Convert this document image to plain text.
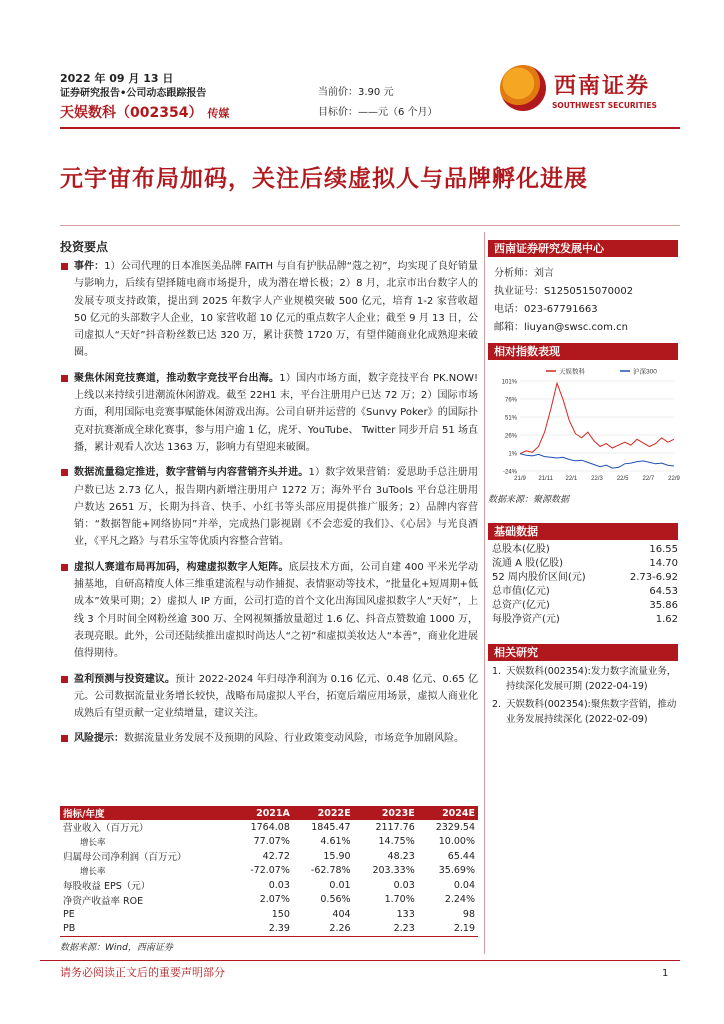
2022 年 09 月 13 日
证券研究报告•公司动态跟踪报告
天娱数科（002354） 传媒
当前价：3.90 元
目标价：——元（6 个月）
西南证券
SOUTHWEST SECURITIES
元宇宙布局加码，关注后续虚拟人与品牌孵化进展
投资要点
事件：1）公司代理的日本准医美品牌 FAITH 与自有护肤品牌“蔻之初”，均实现了良好销量与影响力，后续有望择随电商市场提升，成为潜在增长极；2）8 月，北京市出台数字人的发展专项支持政策，提出到 2025 年数字人产业规模突破 500 亿元，培育 1-2 家营收超 50 亿元的头部数字人企业，10 家营收超 10 亿元的重点数字人企业；截至 9 月 13 日，公司虚拟人“天好”抖音粉丝数已达 320 万，累计获赞 1720 万，有望伴随商业化成熟迎来破圈。
聚焦休闲竞技赛道，推动数字竞技平台出海。1）国内市场方面，数字竞技平台 PK.NOW! 上线以来持续引进潮流休闲游戏。截至 22H1 末，平台注册用户已达 72 万；2）国际市场方面，利用国际电竞赛事赋能休闲游戏出海。公司自研并运营的《Sunvy Poker》的国际扑克对抗赛渐成全球化赛事，参与用户逾 1 亿，虎牙、YouTube、 Twitter 同步开启 51 场直播，累计观看人次达 1363 万，影响力有望迎来破圈。
数据流量稳定推进，数字营销与内容营销齐头并进。1）数字效果营销：爱思助手总注册用户数已达 2.73 亿人，报告期内新增注册用户 1272 万；海外平台 3uTools 平台总注册用户数达 2651 万，长期为抖音、快手、小红书等头部应用提供推广服务；2）品牌内容营销：“数据智能+网络协同”并举，完成热门影视剧《不会恋爱的我们》、《心居》与光良酒业，《平凡之路》与君乐宝等优质内容整合营销。
虚拟人赛道布局再加码，构建虚拟数字人矩阵。底层技术方面，公司自建 400 平米光学动捕基地，自研高精度人体三维重建流程与动作捕捉、表情驱动等技术，“批量化+短周期+低成本”效果可期；2）虚拟人 IP 方面，公司打造的首个文化出海国风虚拟数字人“天好”，上线 3 个月时间全网粉丝逾 300 万、全网视频播放量超过 1.6 亿、抖音点赞数逾 1000 万，表现亮眼。此外，公司还陆续推出虚拟时尚达人“之初”和虚拟美妆达人“本善”，商业化进展值得期待。
盈利预测与投资建议。预计 2022-2024 年归母净利润为 0.16 亿元、0.48 亿元、0.65 亿元。公司数据流量业务增长较快，战略布局虚拟人平台，拓宽后端应用场景，虚拟人商业化成熟后有望贡献一定业绩增量，建议关注。
风险提示：数据流量业务发展不及预期的风险、行业政策变动风险，市场竞争加剧风险。
指标/年度	2021A	2022E	2023E	2024E
营业收入（百万元）	1764.08	1845.47	2117.76	2329.54
增长率	77.07%	4.61%	14.75%	10.00%
归属母公司净利润（百万元）	42.72	15.90	48.23	65.44
增长率	-72.07%	-62.78%	203.33%	35.69%
每股收益 EPS（元）	0.03	0.01	0.03	0.04
净资产收益率 ROE	2.07%	0.56%	1.70%	2.24%
PE	150	404	133	98
PB	2.39	2.26	2.23	2.19
数据来源：Wind，西南证券
西南证券研究发展中心
分析师：刘言
执业证号：S1250515070002
电话：023-67791663
邮箱：liuyan@swsc.com.cn
相对指数表现
101%
76%
51%
26%
1%
-24%
21/9 21/11 22/1 22/3 22/5 22/7 22/9
天娱数科	沪深300
数据来源：聚源数据
基础数据
总股本(亿股)	16.55
流通 A 股(亿股)	14.70
52 周内股价区间(元)	2.73-6.92
总市值(亿元)	64.53
总资产(亿元)	35.86
每股净资产(元)	1.62
相关研究
1. 天娱数科(002354):发力数字流量业务，持续深化发展可期 (2022-04-19)
2. 天娱数科(002354):聚焦数字营销，推动业务发展持续深化 (2022-02-09)
请务必阅读正文后的重要声明部分	1
